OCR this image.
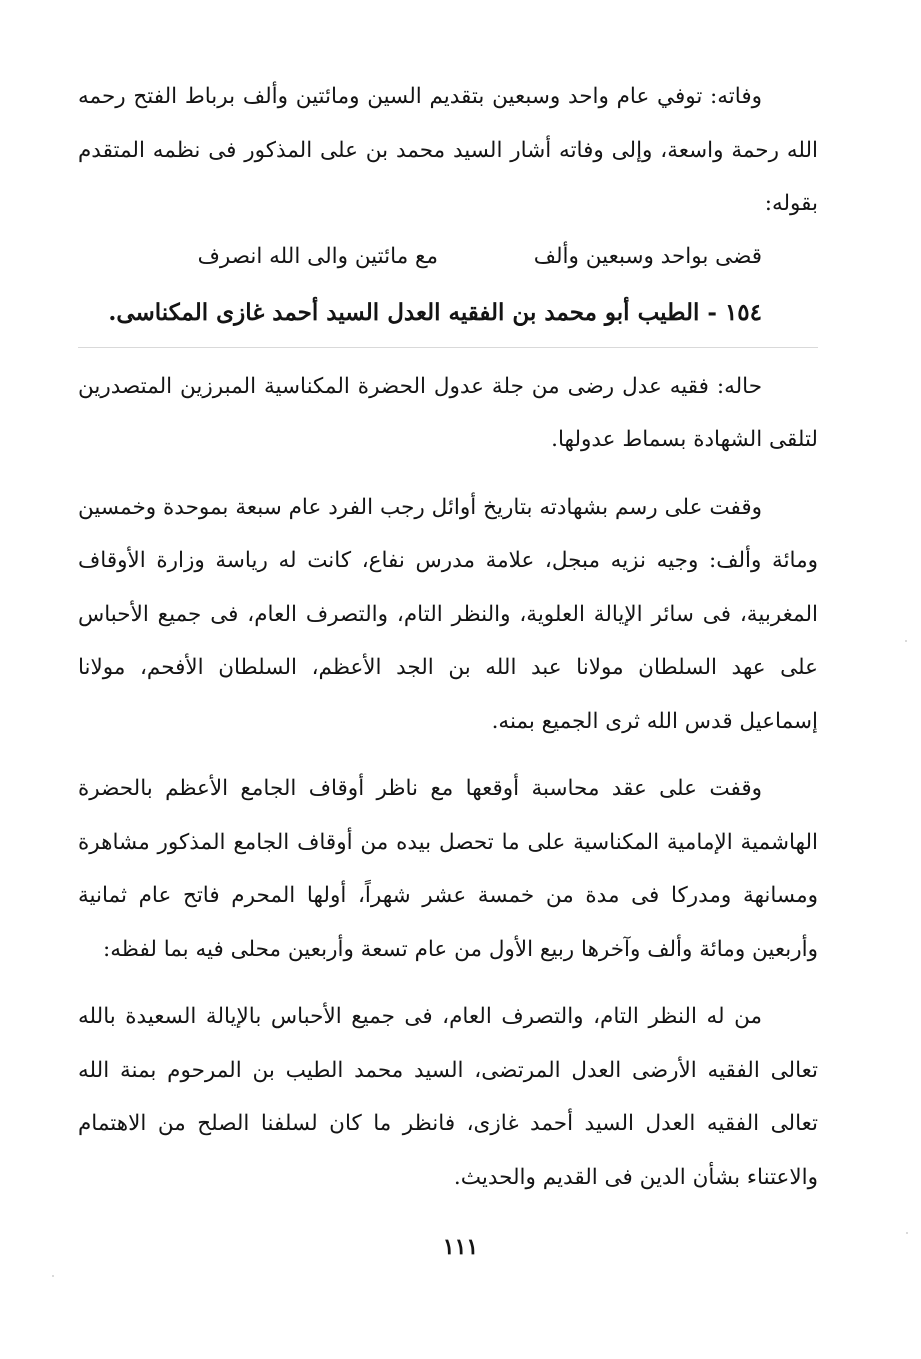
وفاته: توفي عام واحد وسبعين بتقديم السين ومائتين وألف برباط الفتح رحمه الله رحمة واسعة، وإلى وفاته أشار السيد محمد بن على المذكور فى نظمه المتقدم بقوله:

قضى بواحد وسبعين وألف
مع مائتين والى الله انصرف
١٥٤ - الطيب أبو محمد بن الفقيه العدل السيد أحمد غازى المكناسى.

حاله: فقيه عدل رضى من جلة عدول الحضرة المكناسية المبرزين المتصدرين لتلقى الشهادة بسماط عدولها.

وقفت على رسم بشهادته بتاريخ أوائل رجب الفرد عام سبعة بموحدة وخمسين ومائة وألف: وجيه نزيه مبجل، علامة مدرس نفاع، كانت له رياسة وزارة الأوقاف المغربية، فى سائر الإيالة العلوية، والنظر التام، والتصرف العام، فى جميع الأحباس على عهد السلطان مولانا عبد الله بن الجد الأعظم، السلطان الأفحم، مولانا إسماعيل قدس الله ثرى الجميع بمنه.

وقفت على عقد محاسبة أوقعها مع ناظر أوقاف الجامع الأعظم بالحضرة الهاشمية الإمامية المكناسية على ما تحصل بيده من أوقاف الجامع المذكور مشاهرة ومسانهة ومدركا فى مدة من خمسة عشر شهراً، أولها المحرم فاتح عام ثمانية وأربعين ومائة وألف وآخرها ربيع الأول من عام تسعة وأربعين محلى فيه بما لفظه:

من له النظر التام، والتصرف العام، فى جميع الأحباس بالإيالة السعيدة بالله تعالى الفقيه الأرضى العدل المرتضى، السيد محمد الطيب بن المرحوم بمنة الله تعالى الفقيه العدل السيد أحمد غازى، فانظر ما كان لسلفنا الصلح من الاهتمام والاعتناء بشأن الدين فى القديم والحديث.

١١١
